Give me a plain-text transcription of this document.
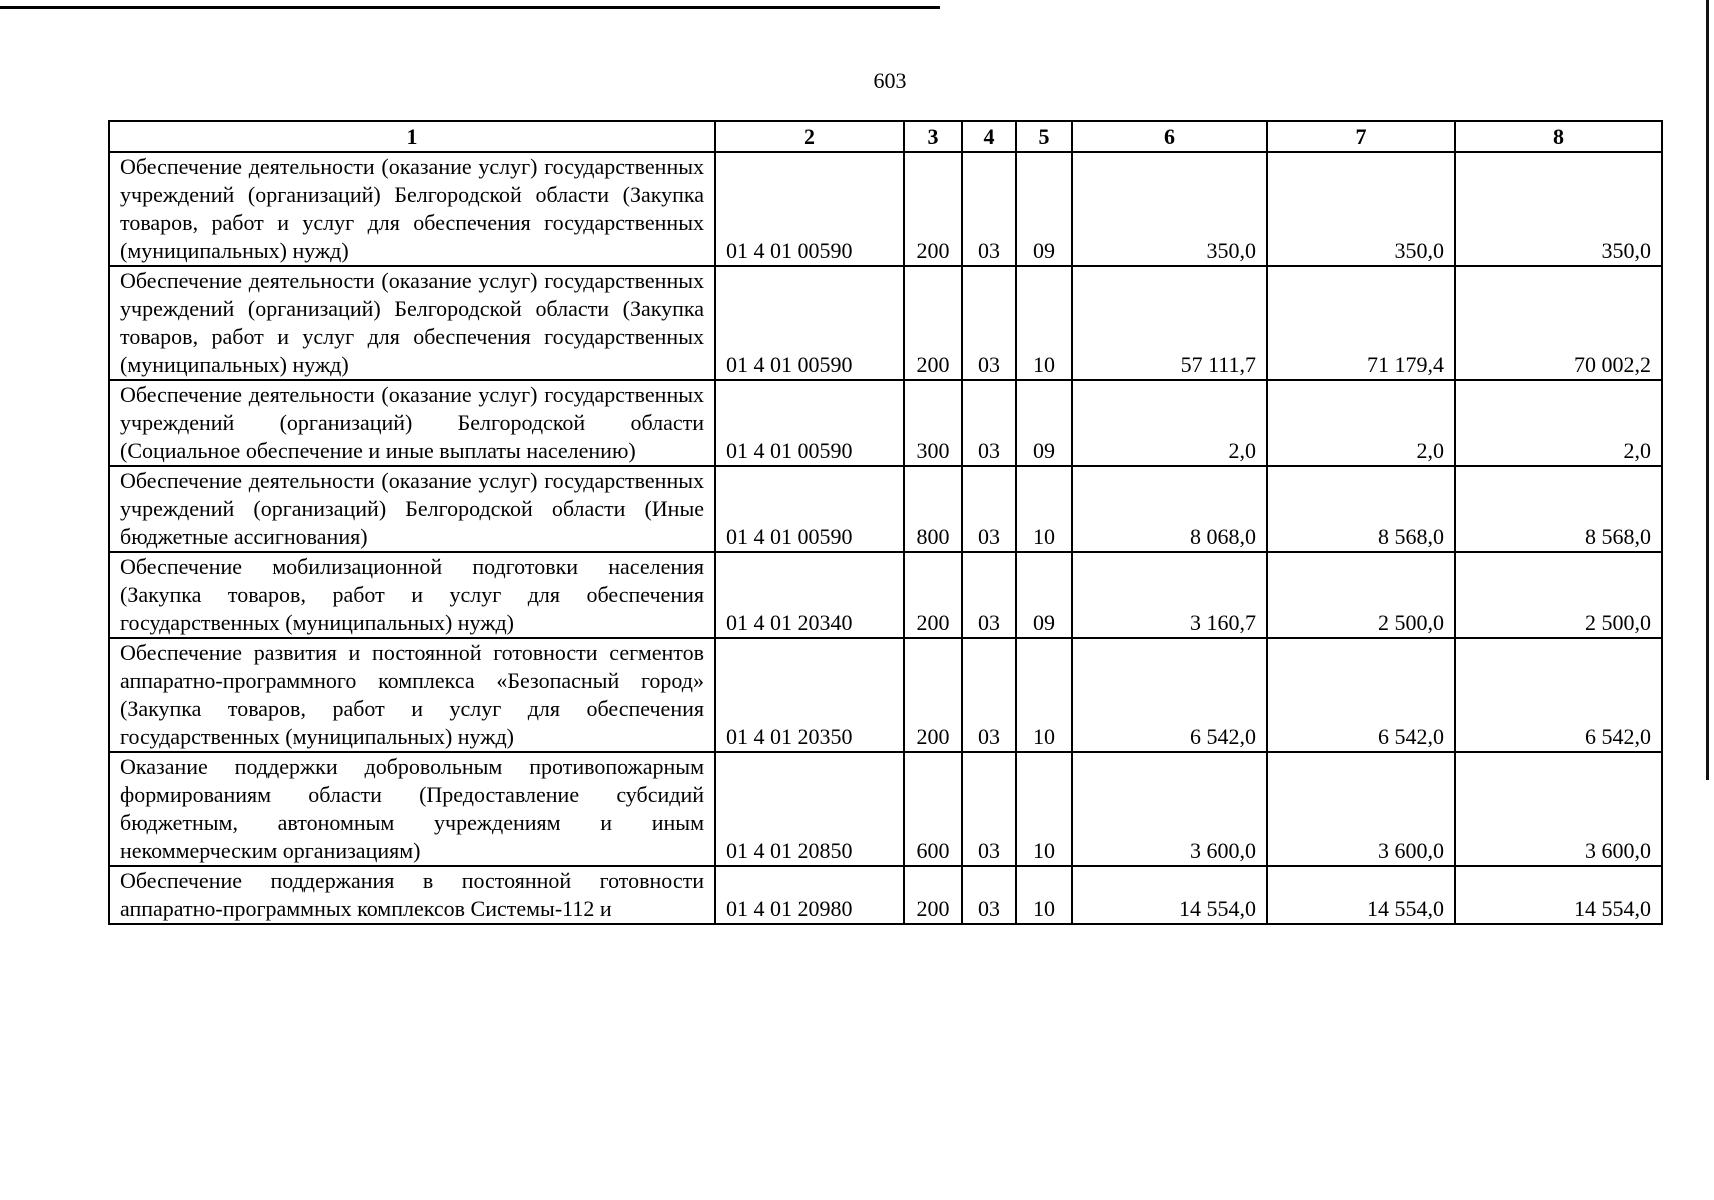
603
1	2	3	4	5	6	7	8
Обеспечение деятельности (оказание услуг) государственных учреждений (организаций) Белгородской области (Закупка товаров, работ и услуг для обеспечения государственных (муниципальных) нужд)	01 4 01 00590	200	03	09	350,0	350,0	350,0
Обеспечение деятельности (оказание услуг) государственных учреждений (организаций) Белгородской области (Закупка товаров, работ и услуг для обеспечения государственных (муниципальных) нужд)	01 4 01 00590	200	03	10	57 111,7	71 179,4	70 002,2
Обеспечение деятельности (оказание услуг) государственных учреждений (организаций) Белгородской области (Социальное обеспечение и иные выплаты населению)	01 4 01 00590	300	03	09	2,0	2,0	2,0
Обеспечение деятельности (оказание услуг) государственных учреждений (организаций) Белгородской области (Иные бюджетные ассигнования)	01 4 01 00590	800	03	10	8 068,0	8 568,0	8 568,0
Обеспечение мобилизационной подготовки населения (Закупка товаров, работ и услуг для обеспечения государственных (муниципальных) нужд)	01 4 01 20340	200	03	09	3 160,7	2 500,0	2 500,0
Обеспечение развития и постоянной готовности сегментов аппаратно-программного комплекса «Безопасный город» (Закупка товаров, работ и услуг для обеспечения государственных (муниципальных) нужд)	01 4 01 20350	200	03	10	6 542,0	6 542,0	6 542,0
Оказание поддержки добровольным противопожарным формированиям области (Предоставление субсидий бюджетным, автономным учреждениям и иным некоммерческим организациям)	01 4 01 20850	600	03	10	3 600,0	3 600,0	3 600,0
Обеспечение поддержания в постоянной готовности аппаратно-программных комплексов Системы-112 и	01 4 01 20980	200	03	10	14 554,0	14 554,0	14 554,0
